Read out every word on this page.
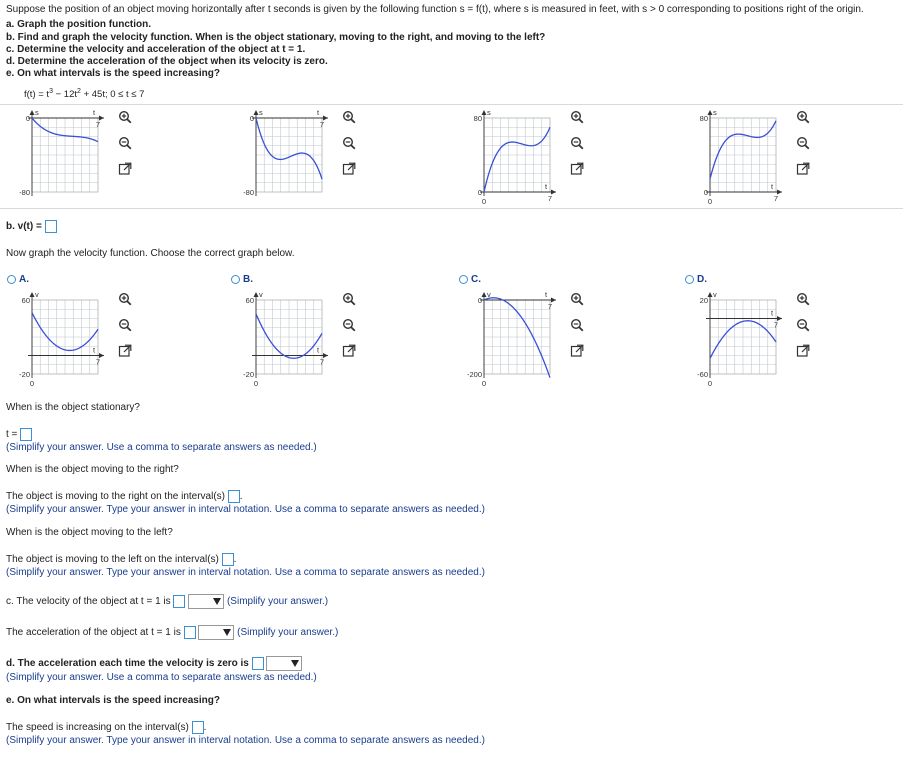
Suppose the position of an object moving horizontally after t seconds is given by the following function s = f(t), where s is measured in feet, with s > 0 corresponding to positions right of the origin.
a. Graph the position function.
b. Find and graph the velocity function. When is the object stationary, moving to the right, and moving to the left?
c. Determine the velocity and acceleration of the object at t = 1.
d. Determine the acceleration of the object when its velocity is zero.
e. On what intervals is the speed increasing?
$f(t) = t^3 - 12t^2 + 45t$; 0 ≤ t ≤ 7
s
0
-80
t
7
s
0
-80
t
7
s
80
0
0
t
7
s
80
0
0
t
7
b. v(t) =
Now graph the velocity function. Choose the correct graph below.
A.
v
60
-20
0
t
7
B.
v
60
-20
0
t
7
C.
v
0
-200
0
t
7
D.
v
20
-60
0
t
7
When is the object stationary?
t =
(Simplify your answer. Use a comma to separate answers as needed.)
When is the object moving to the right?
The object is moving to the right on the interval(s) .
(Simplify your answer. Type your answer in interval notation. Use a comma to separate answers as needed.)
When is the object moving to the left?
The object is moving to the left on the interval(s) .
(Simplify your answer. Type your answer in interval notation. Use a comma to separate answers as needed.)
c. The velocity of the object at t = 1 is	(Simplify your answer.)
The acceleration of the object at t = 1 is	(Simplify your answer.)
d. The acceleration each time the velocity is zero is
(Simplify your answer. Use a comma to separate answers as needed.)
e. On what intervals is the speed increasing?
The speed is increasing on the interval(s) .
(Simplify your answer. Type your answer in interval notation. Use a comma to separate answers as needed.)
